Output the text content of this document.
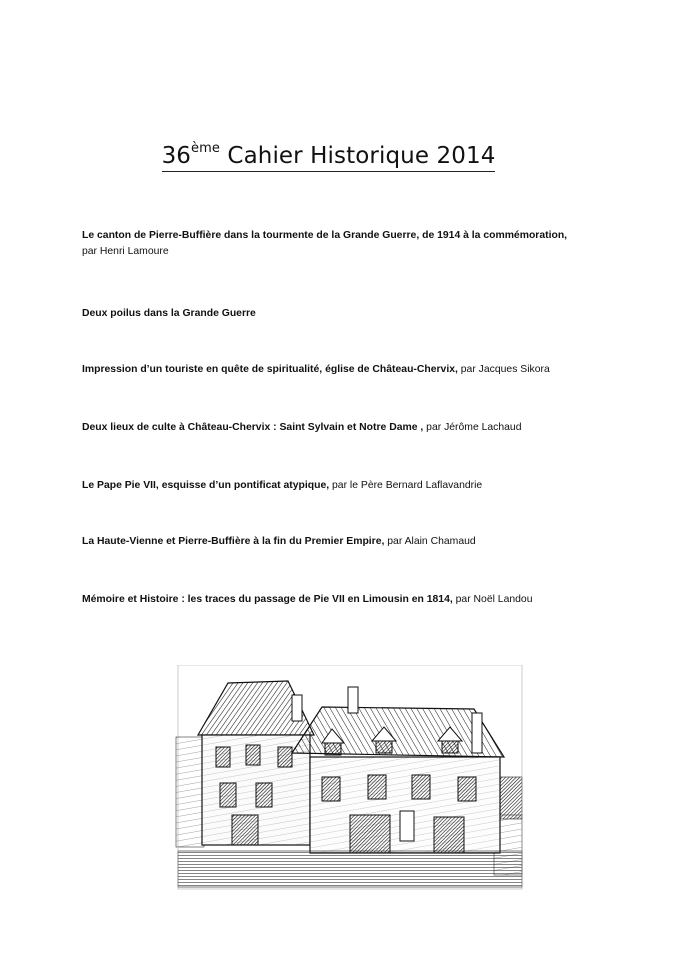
36ème Cahier Historique 2014

Le canton de Pierre-Buffière dans la tourmente de la Grande Guerre, de 1914 à la commémoration,
par Henri Lamoure

Deux poilus dans la Grande Guerre

Impression d’un touriste en quête de spiritualité, église de Château-Chervix, par Jacques Sikora

Deux lieux de culte à Château-Chervix : Saint Sylvain et Notre Dame , par Jérôme Lachaud

Le Pape Pie VII, esquisse d’un pontificat atypique, par le Père Bernard Laflavandrie

La Haute-Vienne et Pierre-Buffière à la fin du Premier Empire, par Alain Chamaud

Mémoire et Histoire : les traces du passage de Pie VII en Limousin en 1814, par Noël Landou
